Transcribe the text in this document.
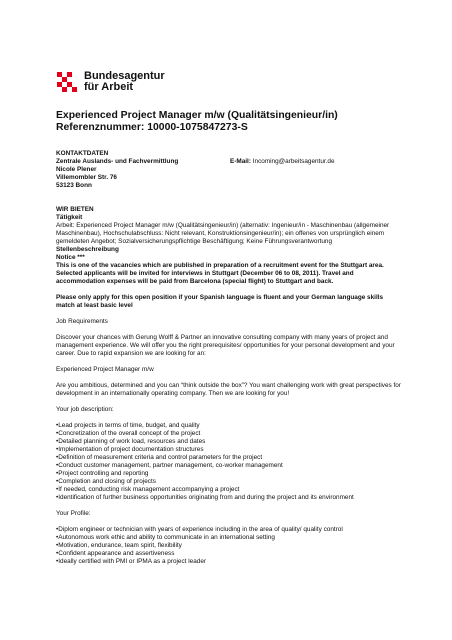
Bundesagentur
für Arbeit
Experienced Project Manager m/w (Qualitätsingenieur/in)
Referenznummer: 10000-1075847273-S
KONTAKTDATEN
Zentrale Auslands- und Fachvermittlung
Nicole Plener
Villemombler Str. 76
53123 Bonn
E-Mail: Incoming@arbeitsagentur.de
WIR BIETEN

Tätigkeit

Arbeit: Experienced Project Manager m/w (Qualitätsingenieur/in) (alternativ: Ingenieur/in - Maschinenbau (allgemeiner Maschinenbau), Hochschulabschluss: Nicht relevant, Konstruktionsingenieur/in); ein offenes von ursprünglich einem gemeldeten Angebot; Sozialversicherungspflichtige Beschäftigung; Keine Führungsverantwortung

Stellenbeschreibung

Notice ***

This is one of the vacancies which are published in preparation of a recruitment event for the Stuttgart area. Selected applicants will be invited for interviews in Stuttgart (December 06 to 08, 2011). Travel and accommodation expenses will be paid from Barcelona (special flight) to Stuttgart and back.

Please only apply for this open position if your Spanish language is fluent and your German language skills match at least basic level

Job Requirements

Discover your chances with Gerung Wolff & Partner an innovative consulting company with many years of project and management experience. We will offer you the right prerequisites/ opportunities for your personal development and your career. Due to rapid expansion we are looking for an:

Experienced Project Manager m/w

Are you ambitious, determined and you can “think outside the box”? You want challenging work with great perspectives for development in an internationally operating company. Then we are looking for you!

Your job description:

•Lead projects in terms of time, budget, and quality
•Concretization of the overall concept of the project
•Detailed planning of work load, resources and dates
•Implementation of project documentation structures
•Definition of measurement criteria and control parameters for the project
•Conduct customer management, partner management, co-worker management
•Project controlling and reporting
•Completion and closing of projects
•If needed, conducting risk management accompanying a project
•Identification of further business opportunities originating from and during the project and its environment

Your Profile:

•Diplom engineer or technician with years of experience including in the area of quality/ quality control
•Autonomous work ethic and ability to communicate in an international setting
•Motivation, endurance, team spirit, flexibility
•Confident appearance and assertiveness
•Ideally certified with PMI or IPMA as a project leader
